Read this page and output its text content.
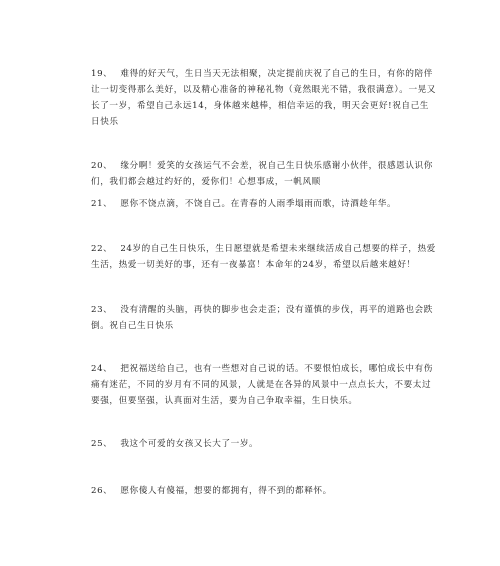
19、 难得的好天气，生日当天无法相聚，决定提前庆祝了自己的生日，有你的陪伴让一切变得那么美好，以及精心准备的神秘礼物（竟然眼光不错，我很满意）。一晃又长了一岁，希望自己永远14，身体越来越棒，相信幸运的我，明天会更好!祝自己生日快乐
20、 缘分啊！爱笑的女孩运气不会差，祝自己生日快乐感谢小伙伴，很感恩认识你们，我们都会越过约好的，爱你们！心想事成，一帆风顺
21、 愿你不饶点滴，不饶自己。在青春的人雨季塌雨而歌，诗酒趁年华。
22、 24岁的自己生日快乐，生日愿望就是希望未来继续活成自己想要的样子，热爱生活，热爱一切美好的事，还有一夜暴富！本命年的24岁，希望以后越来越好！
23、 没有清醒的头脑，再快的脚步也会走歪；没有谨慎的步伐，再平的道路也会跌倒。祝自己生日快乐
24、 把祝福送给自己，也有一些想对自己说的话。不要恨怕成长，哪怕成长中有伤痛有迷茫，不同的岁月有不同的风景，人就是在各异的风景中一点点长大，不要太过要强，但要坚强，认真面对生活，要为自己争取幸福，生日快乐。
25、 我这个可爱的女孩又长大了一岁。
26、 愿你傻人有傻福，想要的都拥有，得不到的都释怀。
